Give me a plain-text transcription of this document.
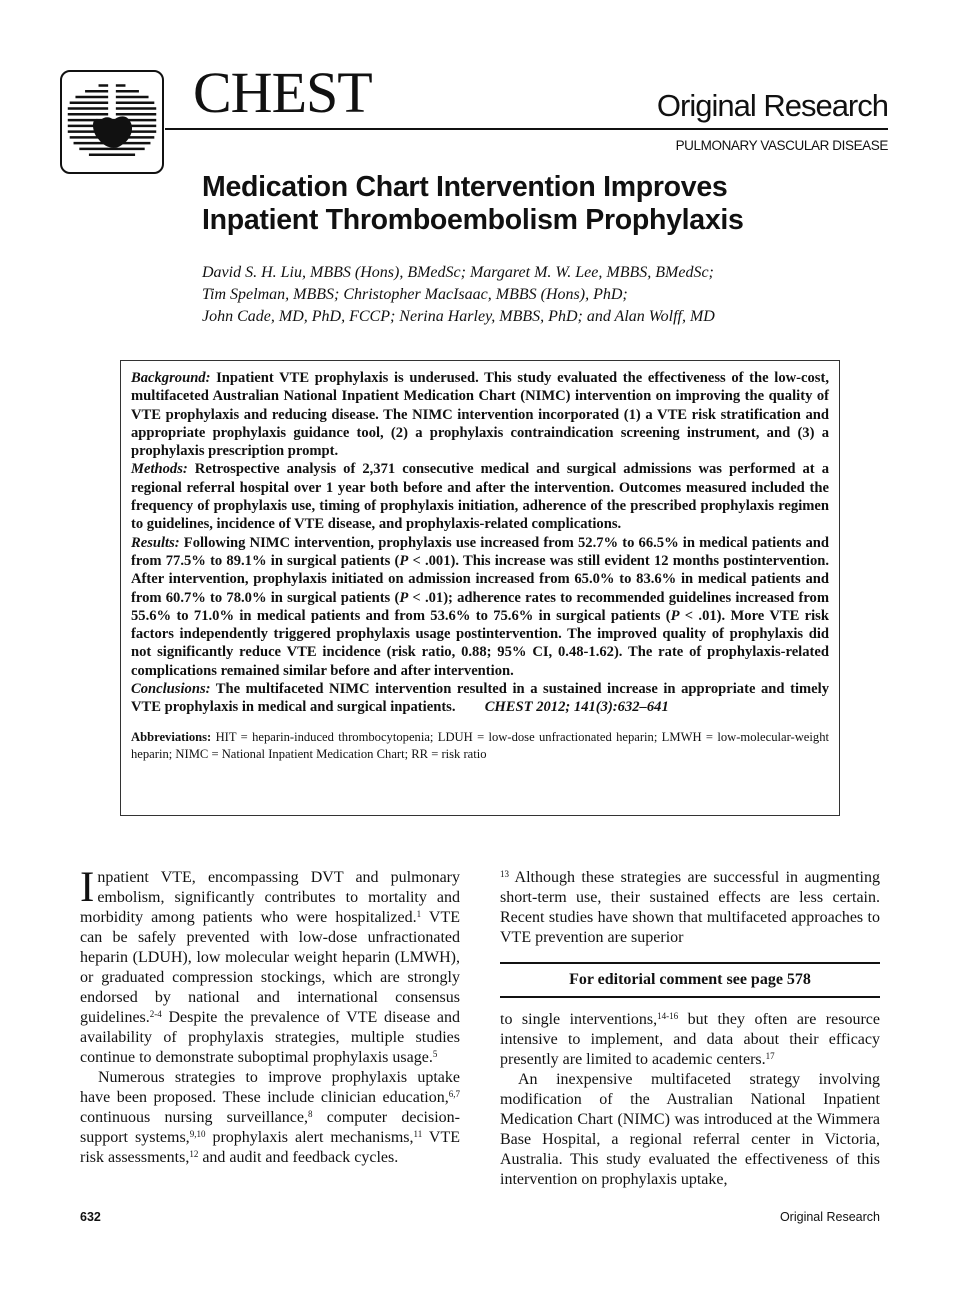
CHEST	Original Research
PULMONARY VASCULAR DISEASE
Medication Chart Intervention Improves
Inpatient Thromboembolism Prophylaxis
David S. H. Liu, MBBS (Hons), BMedSc; Margaret M. W. Lee, MBBS, BMedSc;
Tim Spelman, MBBS; Christopher MacIsaac, MBBS (Hons), PhD;
John Cade, MD, PhD, FCCP; Nerina Harley, MBBS, PhD; and Alan Wolff, MD

Background: Inpatient VTE prophylaxis is underused. This study evaluated the effectiveness of the low-cost, multifaceted Australian National Inpatient Medication Chart (NIMC) intervention on improving the quality of VTE prophylaxis and reducing disease. The NIMC intervention incorporated (1) a VTE risk stratification and appropriate prophylaxis guidance tool, (2) a prophylaxis contraindication screening instrument, and (3) a prophylaxis prescription prompt.

Methods: Retrospective analysis of 2,371 consecutive medical and surgical admissions was performed at a regional referral hospital over 1 year both before and after the intervention. Outcomes measured included the frequency of prophylaxis use, timing of prophylaxis initiation, adherence of the prescribed prophylaxis regimen to guidelines, incidence of VTE disease, and prophylaxis-related complications.

Results: Following NIMC intervention, prophylaxis use increased from 52.7% to 66.5% in medical patients and from 77.5% to 89.1% in surgical patients (P < .001). This increase was still evident 12 months postintervention. After intervention, prophylaxis initiated on admission increased from 65.0% to 83.6% in medical patients and from 60.7% to 78.0% in surgical patients (P < .01); adherence rates to recommended guidelines increased from 55.6% to 71.0% in medical patients and from 53.6% to 75.6% in surgical patients (P < .01). More VTE risk factors independently triggered prophylaxis usage postintervention. The improved quality of prophylaxis did not significantly reduce VTE incidence (risk ratio, 0.88; 95% CI, 0.48-1.62). The rate of prophylaxis-related complications remained similar before and after intervention.

Conclusions: The multifaceted NIMC intervention resulted in a sustained increase in appropriate and timely VTE prophylaxis in medical and surgical inpatients. CHEST 2012; 141(3):632–641

Abbreviations: HIT = heparin-induced thrombocytopenia; LDUH = low-dose unfractionated heparin; LMWH = low-molecular-weight heparin; NIMC = National Inpatient Medication Chart; RR = risk ratio

Inpatient VTE, encompassing DVT and pulmonary embolism, significantly contributes to mortality and morbidity among patients who were hospitalized.$^1$ VTE can be safely prevented with low-dose unfractionated heparin (LDUH), low molecular weight heparin (LMWH), or graduated compression stockings, which are strongly endorsed by national and international consensus guidelines.$^{2-4}$ Despite the prevalence of VTE disease and availability of prophylaxis strategies, multiple studies continue to demonstrate suboptimal prophylaxis usage.$^5$

Numerous strategies to improve prophylaxis uptake have been proposed. These include clinician education,$^{6,7}$ continuous nursing surveillance,$^8$ computer decision-support systems,$^{9,10}$ prophylaxis alert mechanisms,$^{11}$ VTE risk assessments,$^{12}$ and audit and feedback cycles.

$^{13}$ Although these strategies are successful in augmenting short-term use, their sustained effects are less certain. Recent studies have shown that multifaceted approaches to VTE prevention are superior

For editorial comment see page 578

to single interventions,$^{14-16}$ but they often are resource intensive to implement, and data about their efficacy presently are limited to academic centers.$^{17}$

An inexpensive multifaceted strategy involving modification of the Australian National Inpatient Medication Chart (NIMC) was introduced at the Wimmera Base Hospital, a regional referral center in Victoria, Australia. This study evaluated the effectiveness of this intervention on prophylaxis uptake,

632	Original Research
